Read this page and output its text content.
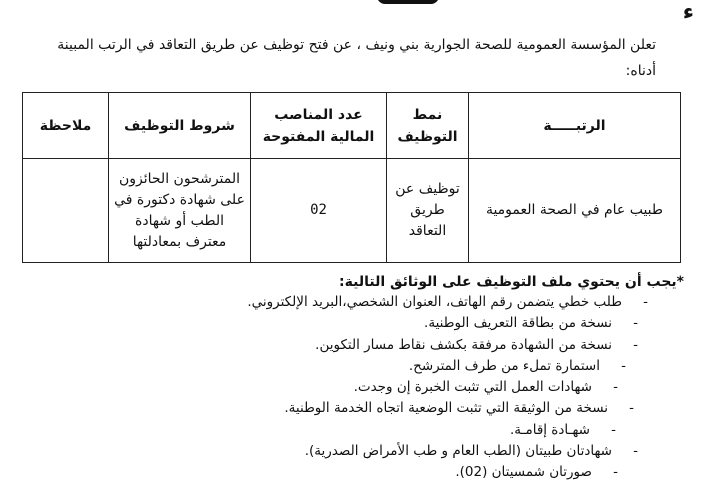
ء
تعلن المؤسسة العمومية للصحة الجوارية بني ونيف ، عن فتح توظيف عن طريق التعاقد في الرتب المبينة أدناه:
الرتبـــــة	نمط التوظيف	عدد المناصب المالية المفتوحة	شروط التوظيف	ملاحظة
طبيب عام في الصحة العمومية	توظيف عن طريق التعاقد	02	المترشحون الحائزون على شهادة دكتورة في الطب أو شهادة معترف بمعادلتها	
*يجب أن يحتوي ملف التوظيف على الوثائق التالية:
-
طلب خطي يتضمن رقم الهاتف، العنوان الشخصي،البريد الإلكتروني.
-
نسخة من بطاقة التعريف الوطنية.
-
نسخة من الشهادة مرفقة بكشف نقاط مسار التكوين.
-
استمارة تملء من طرف المترشح.
-
شهادات العمل التي تثبت الخبرة إن وجدت.
-
نسخة من الوثيقة التي تثبت الوضعية اتجاه الخدمة الوطنية.
-
شهـادة إقامـة.
-
شهادتان طبيتان (الطب العام و طب الأمراض الصدرية).
-
صورتان شمسيتان (02).
